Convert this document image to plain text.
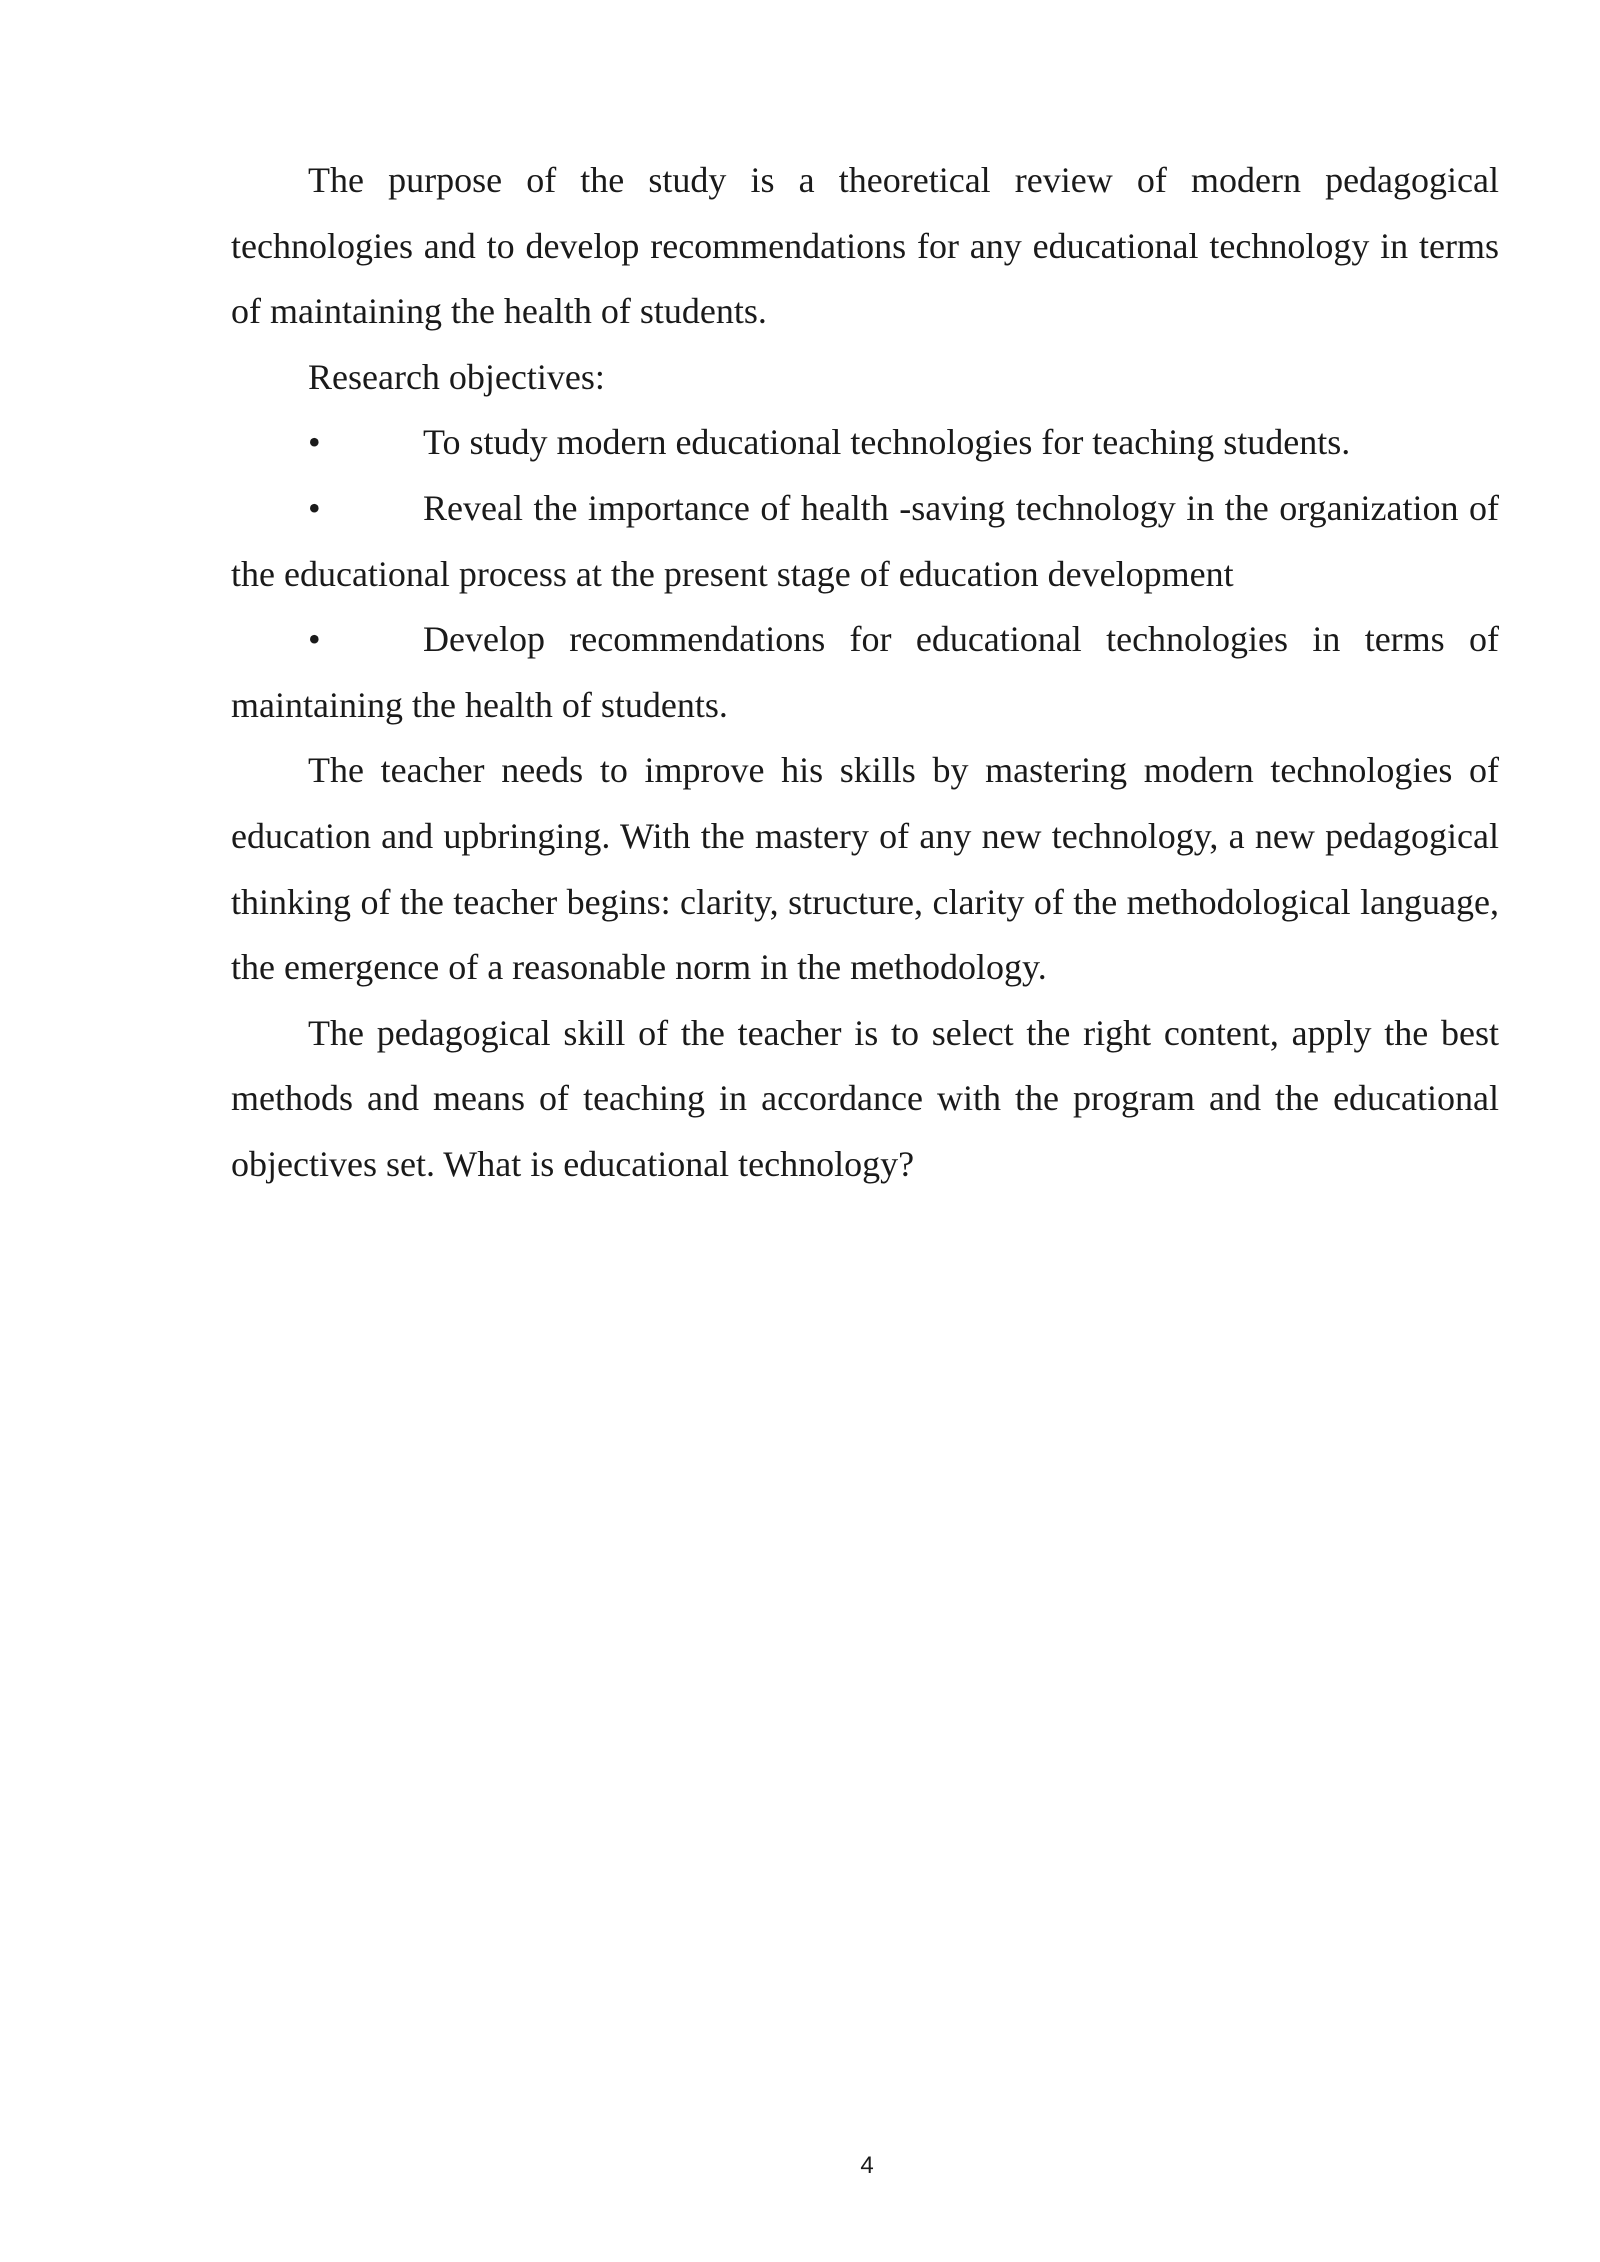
The purpose of the study is a theoretical review of modern pedagogical technologies and to develop recommendations for any educational technology in terms of maintaining the health of students.

Research objectives:

•	To study modern educational technologies for teaching students.

•	Reveal the importance of health -saving technology in the organization of the educational process at the present stage of education development

•	Develop recommendations for educational technologies in terms of maintaining the health of students.

The teacher needs to improve his skills by mastering modern technologies of education and upbringing. With the mastery of any new technology, a new pedagogical thinking of the teacher begins: clarity, structure, clarity of the methodological language, the emergence of a reasonable norm in the methodology.

The pedagogical skill of the teacher is to select the right content, apply the best methods and means of teaching in accordance with the program and the educational objectives set. What is educational technology?

4
